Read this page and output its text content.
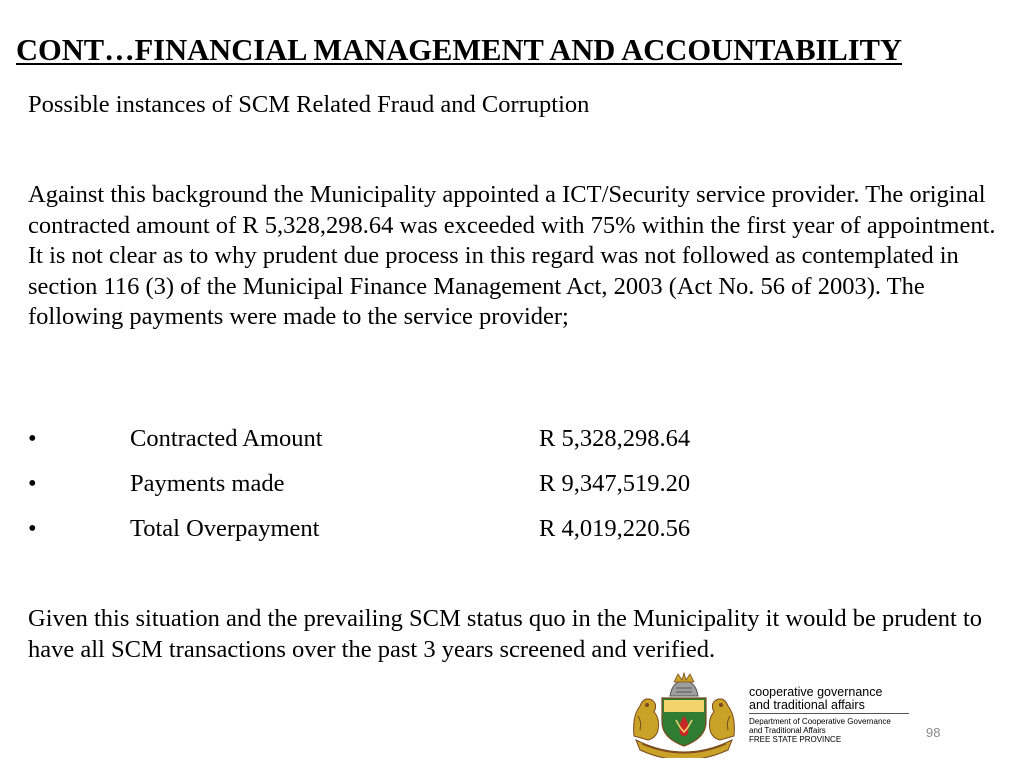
CONT…FINANCIAL MANAGEMENT AND ACCOUNTABILITY

Possible instances of SCM Related Fraud and Corruption

Against this background the Municipality appointed a ICT/Security service provider. The original contracted amount of R 5,328,298.64 was exceeded with 75% within the first year of appointment. It is not clear as to why prudent due process in this regard was not followed as contemplated in section 116 (3) of the Municipal Finance Management Act, 2003 (Act No. 56 of 2003). The following payments were made to the service provider;

•	Contracted Amount	R 5,328,298.64
•	Payments made	R 9,347,519.20
•	Total Overpayment	R 4,019,220.56

Given this situation and the prevailing SCM status quo in the Municipality it would be prudent to have all SCM transactions over the past 3 years screened and verified.

cooperative governance
and traditional affairs
Department of Cooperative Governance
and Traditional Affairs
FREE STATE PROVINCE	98
